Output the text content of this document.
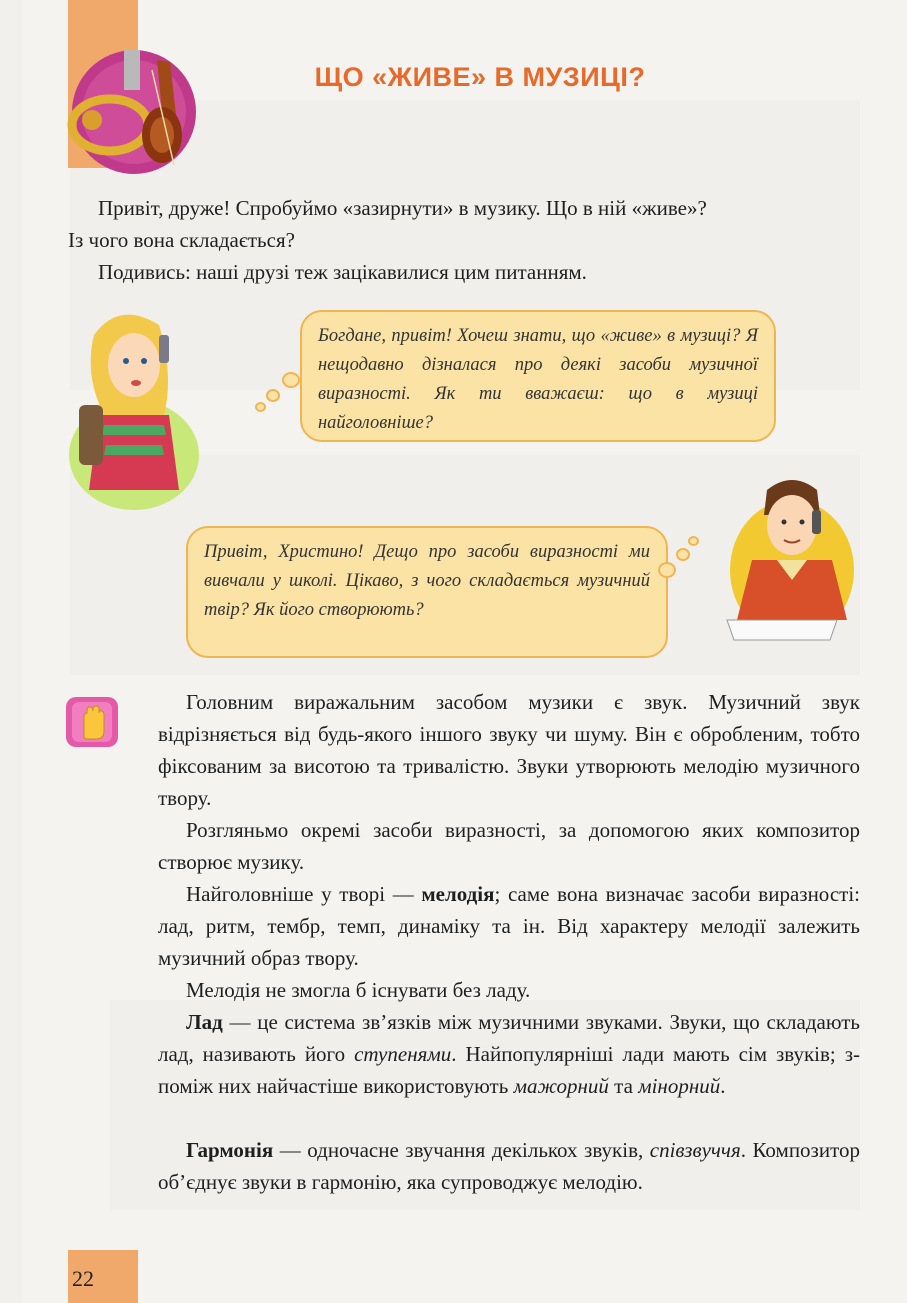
ЩО «ЖИВЕ» В МУЗИЦІ?
Привіт, друже! Спробуймо «зазирнути» в музику. Що в ній «живе»?
Із чого вона складається?
Подивись: наші друзі теж зацікавилися цим питанням.
Богдане, привіт! Хочеш знати, що «живе» в музиці? Я нещодавно дізналася про деякі засоби музичної виразності. Як ти вважаєш: що в музиці найголовніше?
Привіт, Христино! Дещо про засоби виразності ми вивчали у школі. Цікаво, з чого складається музичний твір? Як його створюють?
Головним виражальним засобом музики є звук. Музичний звук відрізняється від будь-якого іншого звуку чи шуму. Він є обробленим, тобто фіксованим за висотою та тривалістю. Звуки утворюють мелодію музичного твору.
Розгляньмо окремі засоби виразності, за допомогою яких композитор створює музику.
Найголовніше у творі — мелодія; саме вона визначає засоби виразності: лад, ритм, тембр, темп, динаміку та ін. Від характеру мелодії залежить музичний образ твору.
Мелодія не змогла б існувати без ладу.
Лад — це система зв’язків між музичними звуками. Звуки, що складають лад, називають його ступенями. Найпопулярніші лади мають сім звуків; з-поміж них найчастіше використовують мажорний та мінорний.
Гармонія — одночасне звучання декількох звуків, співзвуччя. Композитор об’єднує звуки в гармонію, яка супроводжує мелодію.
22
